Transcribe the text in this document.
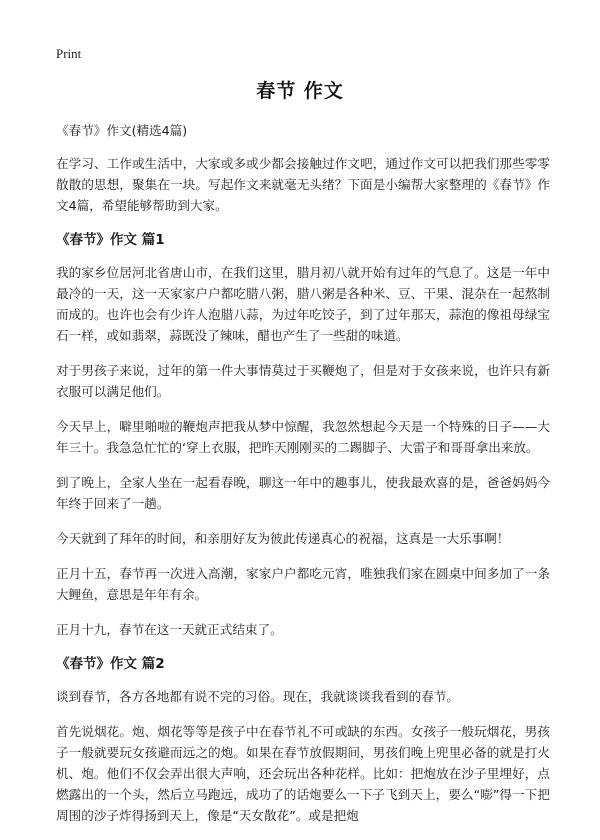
Print
春节 作文

《春节》作文(精选4篇)

在学习、工作或生活中，大家或多或少都会接触过作文吧，通过作文可以把我们那些零零散散的思想，聚集在一块。写起作文来就毫无头绪？下面是小编帮大家整理的《春节》作文4篇，希望能够帮助到大家。

《春节》作文 篇1

我的家乡位居河北省唐山市，在我们这里，腊月初八就开始有过年的气息了。这是一年中最冷的一天，这一天家家户户都吃腊八粥，腊八粥是各种米、豆、干果、混杂在一起熬制而成的。也许也会有少许人泡腊八蒜，为过年吃饺子，到了过年那天，蒜泡的像祖母绿宝石一样，或如翡翠，蒜既没了辣味，醋也产生了一些甜的味道。

对于男孩子来说，过年的第一件大事情莫过于买鞭炮了，但是对于女孩来说，也许只有新衣服可以满足他们。

今天早上，噼里啪啦的鞭炮声把我从梦中惊醒，我忽然想起今天是一个特殊的日子——大年三十。我急急忙忙的‘穿上衣服，把昨天刚刚买的二踢脚子、大雷子和哥哥拿出来放。

到了晚上，全家人坐在一起看春晚，聊这一年中的趣事儿，使我最欢喜的是，爸爸妈妈今年终于回来了一趟。

今天就到了拜年的时间，和亲朋好友为彼此传递真心的祝福，这真是一大乐事啊！

正月十五，春节再一次进入高潮，家家户户都吃元宵，唯独我们家在圆桌中间多加了一条大鲤鱼，意思是年年有余。

正月十九，春节在这一天就正式结束了。

《春节》作文 篇2

谈到春节，各方各地都有说不完的习俗。现在，我就谈谈我看到的春节。

首先说烟花。炮、烟花等等是孩子中在春节礼不可或缺的东西。女孩子一般玩烟花，男孩子一般就要玩女孩避而远之的炮。如果在春节放假期间，男孩们晚上兜里必备的就是打火机、炮。他们不仅会弄出很大声响，还会玩出各种花样。比如：把炮放在沙子里埋好，点燃露出的一个头，然后立马跑远，成功了的话炮要么一下子飞到天上，要么“嘭”得一下把周围的沙子炸得扬到天上，像是“天女散花”。或是把炮
